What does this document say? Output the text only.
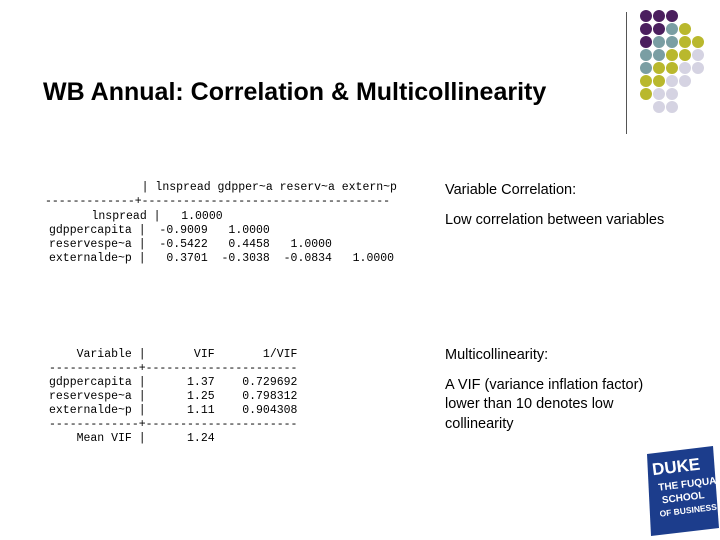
WB Annual: Correlation & Multicollinearity
| lnspread gdpper~a reserv~a extern~p
-------------+------------------------------------
lnspread |   1.0000
gdppercapita |  -0.9009   1.0000
reservespe~a |  -0.5422   0.4458   1.0000
externalde~p |   0.3701  -0.3038  -0.0834   1.0000
Variable |       VIF       1/VIF
-------------+----------------------
gdppercapita |      1.37    0.729692
reservespe~a |      1.25    0.798312
externalde~p |      1.11    0.904308
-------------+----------------------
Mean VIF |      1.24
Variable Correlation:
Low correlation between variables
Multicollinearity:
A VIF (variance inflation factor) lower than 10 denotes low collinearity
DUKE
THE FUQUA
SCHOOL
OF BUSINESS
